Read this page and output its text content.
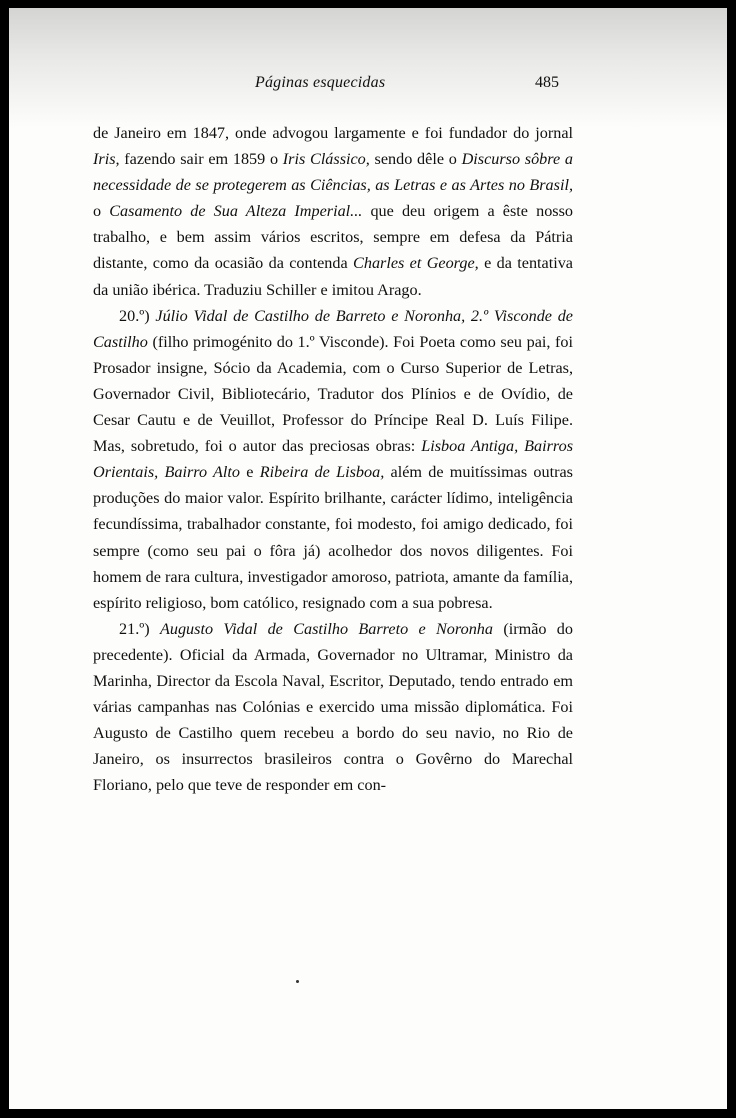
Páginas esquecidas	485

de Janeiro em 1847, onde advogou largamente e foi fundador do jornal Iris, fazendo sair em 1859 o Iris Clássico, sendo dêle o Discurso sôbre a necessidade de se protegerem as Ciências, as Letras e as Artes no Brasil, o Casamento de Sua Alteza Imperial... que deu origem a êste nosso trabalho, e bem assim vários escritos, sempre em defesa da Pátria distante, como da ocasião da contenda Charles et George, e da tentativa da união ibérica. Traduziu Schiller e imitou Arago.

20.º) Júlio Vidal de Castilho de Barreto e Noronha, 2.º Visconde de Castilho (filho primogénito do 1.º Visconde). Foi Poeta como seu pai, foi Prosador insigne, Sócio da Academia, com o Curso Superior de Letras, Governador Civil, Bibliotecário, Tradutor dos Plínios e de Ovídio, de Cesar Cautu e de Veuillot, Professor do Príncipe Real D. Luís Filipe. Mas, sobretudo, foi o autor das preciosas obras: Lisboa Antiga, Bairros Orientais, Bairro Alto e Ribeira de Lisboa, além de muitíssimas outras produções do maior valor. Espírito brilhante, carácter lídimo, inteligência fecundíssima, trabalhador constante, foi modesto, foi amigo dedicado, foi sempre (como seu pai o fôra já) acolhedor dos novos diligentes. Foi homem de rara cultura, investigador amoroso, patriota, amante da família, espírito religioso, bom católico, resignado com a sua pobresa.

21.º) Augusto Vidal de Castilho Barreto e Noronha (irmão do precedente). Oficial da Armada, Governador no Ultramar, Ministro da Marinha, Director da Escola Naval, Escritor, Deputado, tendo entrado em várias campanhas nas Colónias e exercido uma missão diplomática. Foi Augusto de Castilho quem recebeu a bordo do seu navio, no Rio de Janeiro, os insurrectos brasileiros contra o Govêrno do Marechal Floriano, pelo que teve de responder em con-
